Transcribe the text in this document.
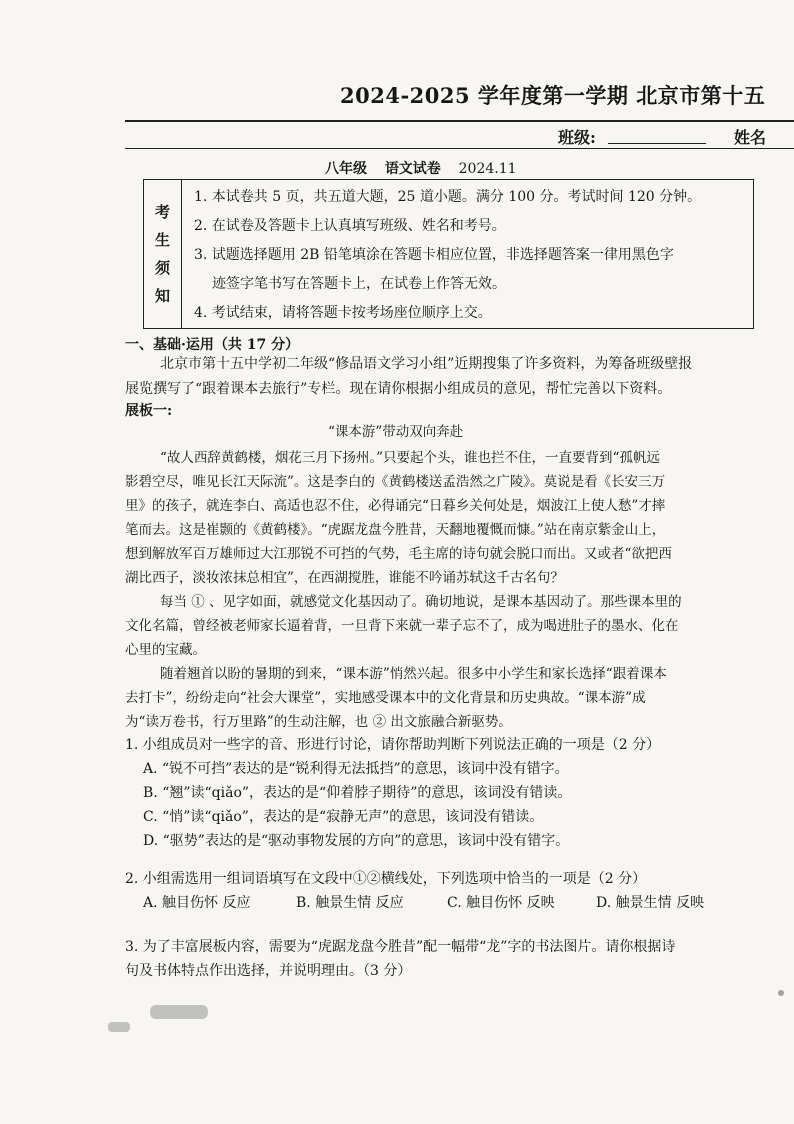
2024-2025 学年度第一学期 北京市第十五
班级:	姓名
八年级 语文试卷 2024.11
考
生
须
知
1. 本试卷共 5 页，共五道大题，25 道小题。满分 100 分。考试时间 120 分钟。
2. 在试卷及答题卡上认真填写班级、姓名和考号。
3. 试题选择题用 2B 铅笔填涂在答题卡相应位置，非选择题答案一律用黑色字
迹签字笔书写在答题卡上，在试卷上作答无效。
4. 考试结束，请将答题卡按考场座位顺序上交。
一、基础·运用（共 17 分）
北京市第十五中学初二年级“修品语文学习小组”近期搜集了许多资料，为筹备班级壁报
展览撰写了“跟着课本去旅行”专栏。现在请你根据小组成员的意见，帮忙完善以下资料。
展板一:
“课本游”带动双向奔赴
“故人西辞黄鹤楼，烟花三月下扬州。”只要起个头，谁也拦不住，一直要背到“孤帆远
影碧空尽，唯见长江天际流”。这是李白的《黄鹤楼送孟浩然之广陵》。莫说是看《长安三万
里》的孩子，就连李白、高适也忍不住，必得诵完“日暮乡关何处是，烟波江上使人愁”才摔
笔而去。这是崔颢的《黄鹤楼》。“虎踞龙盘今胜昔，天翻地覆慨而慷。”站在南京紫金山上，
想到解放军百万雄师过大江那锐不可挡的气势，毛主席的诗句就会脱口而出。又或者“欲把西
湖比西子，淡妆浓抹总相宜”，在西湖搅胜，谁能不吟诵苏轼这千古名句？
每当 ① 、见字如面，就感觉文化基因动了。确切地说，是课本基因动了。那些课本里的
文化名篇，曾经被老师家长逼着背，一旦背下来就一辈子忘不了，成为喝进肚子的墨水、化在
心里的宝藏。
随着翘首以盼的暑期的到来，“课本游”悄然兴起。很多中小学生和家长选择“跟着课本
去打卡”，纷纷走向“社会大课堂”，实地感受课本中的文化背景和历史典故。“课本游”成
为“读万卷书，行万里路”的生动注解，也 ② 出文旅融合新驱势。
1. 小组成员对一些字的音、形进行讨论，请你帮助判断下列说法正确的一项是（2 分）
A. “锐不可挡”表达的是“锐利得无法抵挡”的意思，该词中没有错字。
B. “翘”读“qiǎo”，表达的是“仰着脖子期待”的意思，该词没有错读。
C. “悄”读“qiǎo”，表达的是“寂静无声”的意思，该词没有错读。
D. “驱势”表达的是“驱动事物发展的方向”的意思，该词中没有错字。
2. 小组需选用一组词语填写在文段中①②横线处，下列选项中恰当的一项是（2 分）
A. 触目伤怀 反应	B. 触景生情 反应	C. 触目伤怀 反映	D. 触景生情 反映
3. 为了丰富展板内容，需要为“虎踞龙盘今胜昔”配一幅带“龙”字的书法图片。请你根据诗
句及书体特点作出选择，并说明理由。（3 分）
